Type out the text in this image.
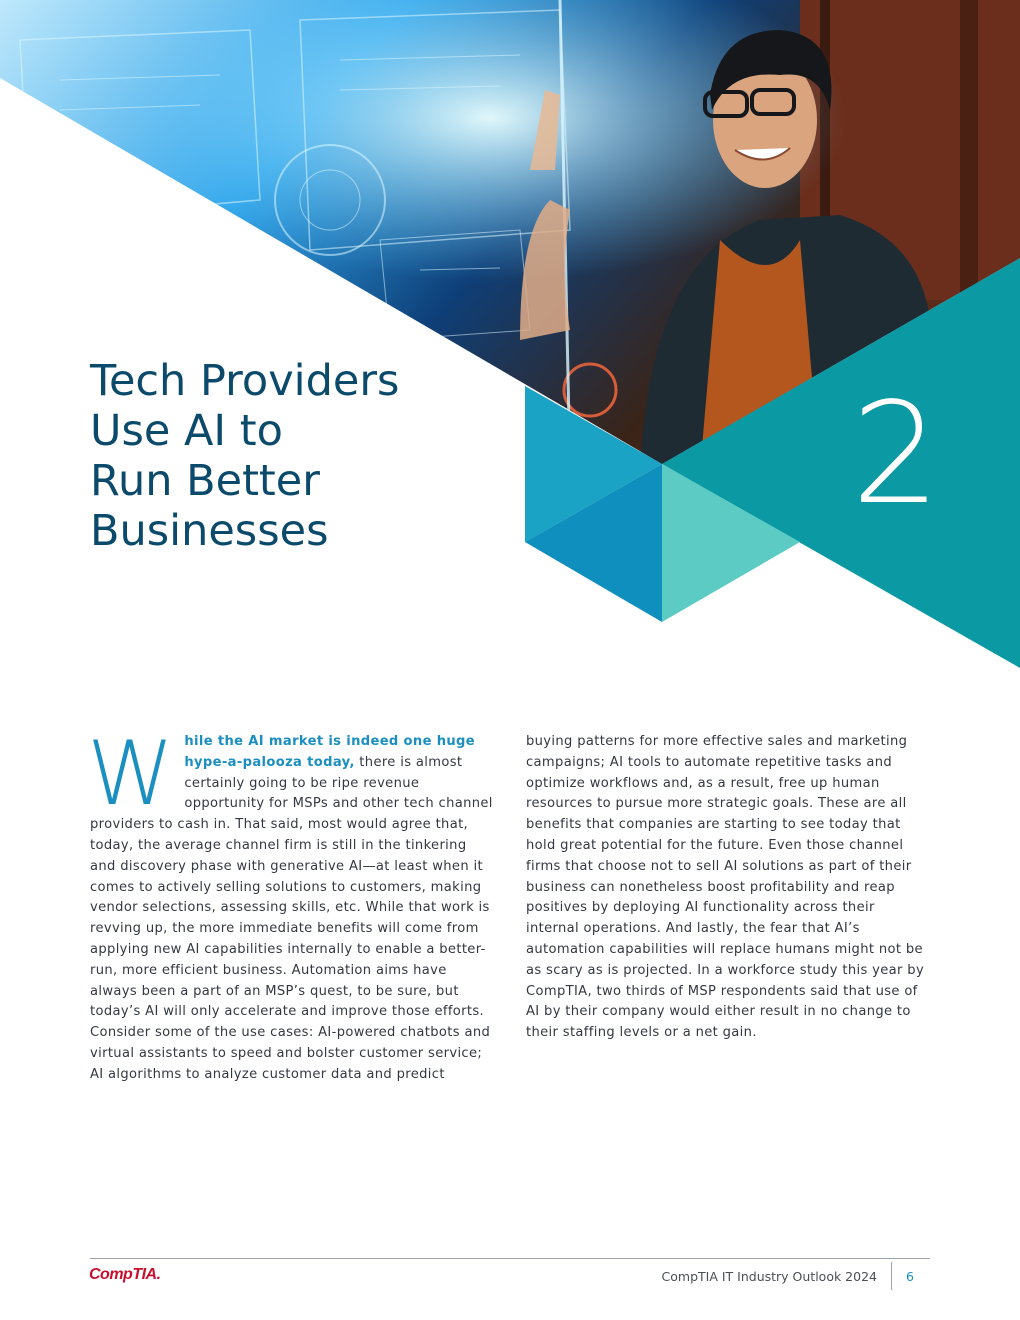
Tech Providers
Use AI to
Run Better
Businesses	2
While the AI market is indeed one huge hype-a-palooza today, there is almost certainly going to be ripe revenue opportunity for MSPs and other tech channel providers to cash in. That said, most would agree that, today, the average channel firm is still in the tinkering and discovery phase with generative AI—at least when it comes to actively selling solutions to customers, making vendor selections, assessing skills, etc. While that work is revving up, the more immediate benefits will come from applying new AI capabilities internally to enable a better-run, more efficient business. Automation aims have always been a part of an MSP’s quest, to be sure, but today’s AI will only accelerate and improve those efforts. Consider some of the use cases: AI-powered chatbots and virtual assistants to speed and bolster customer service; AI algorithms to analyze customer data and predict buying patterns for more effective sales and marketing campaigns; AI tools to automate repetitive tasks and optimize workflows and, as a result, free up human resources to pursue more strategic goals. These are all benefits that companies are starting to see today that hold great potential for the future. Even those channel firms that choose not to sell AI solutions as part of their business can nonetheless boost profitability and reap positives by deploying AI functionality across their internal operations. And lastly, the fear that AI’s automation capabilities will replace humans might not be as scary as is projected. In a workforce study this year by CompTIA, two thirds of MSP respondents said that use of AI by their company would either result in no change to their staffing levels or a net gain.
CompTIA.	CompTIA IT Industry Outlook 2024	6
